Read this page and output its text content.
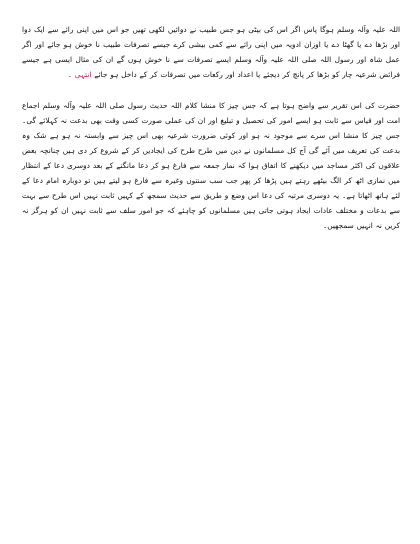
اللہ علیہ وآلہ وسلم ہوگا پاس اگر اس کی بیٹی ہو جس طبیب نے دوائیں لکھی تھیں جو اس میں اپنی رائے سے ایک دوا اور بڑھا دے یا گھٹا دے یا اوزان ادویہ میں اپنی رائے سے کمی بیشی کرے جیسے تصرفات طبیب نا خوش ہو جائے اور اگر عمل شاہ اور رسول اللہ صلی اللہ علیہ وآلہ وسلم ایسے تصرفات سے نا خوش ہوں گے ان کی مثال ایسی ہے جیسے فرائض شرعیہ چار کو بڑھا کر پانچ کر دیجئے یا اعداد اور رکعات میں تصرفات کر کے داخل ہو جائے انتہی ۔

حضرت کی اس تقریر سے واضح ہوتا ہے کہ جس چیز کا منشا کلام اللہ حدیث رسول صلی اللہ علیہ وآلہ وسلم اجماع امت اور قیاس سے ثابت ہو ایسے امور کی تحصیل و تبلیغ اور ان کی عملی صورت کسی وقت بھی بدعت نہ کہلائے گی۔ جس چیز کا منشا اس سرے سے موجود نہ ہو اور کوئی ضرورت شرعیہ بھی اس چیز سے وابستہ نہ ہو ہے شک وہ بدعت کی تعریف میں آئے گی آج کل مسلمانوں نے دین میں طرح طرح کی ایجادیں کر کے شروع کر دی ہیں چنانچہ بعض علاقوں کی اکثر مساجد میں دیکھنے کا اتفاق ہوا کہ نماز جمعہ سے فارغ ہو کر دعا مانگتے کے بعد دوسری دعا کے انتظار میں نمازی اٹھ کر الگ بیٹھے رہتے ہیں پڑھا کر پھر جب سب سنتوں وغیرہ سے فارغ ہو لیتے ہیں تو دوبارہ امام دعا کے لئے ہاتھ اٹھاتا ہے۔ یہ دوسری مرتبہ کی دعا اس وضع و طریق سے حدیث سمجھ کے کہیں ثابت نہیں اس طرح سے بہت سے بدعات و مختلف عادات ایجاد ہوتی جاتی ہیں مسلمانوں کو چاہئے کہ جو امور سلف سے ثابت نہیں ان کو ہرگز نہ کریں نہ انہیں سمجھیں۔
